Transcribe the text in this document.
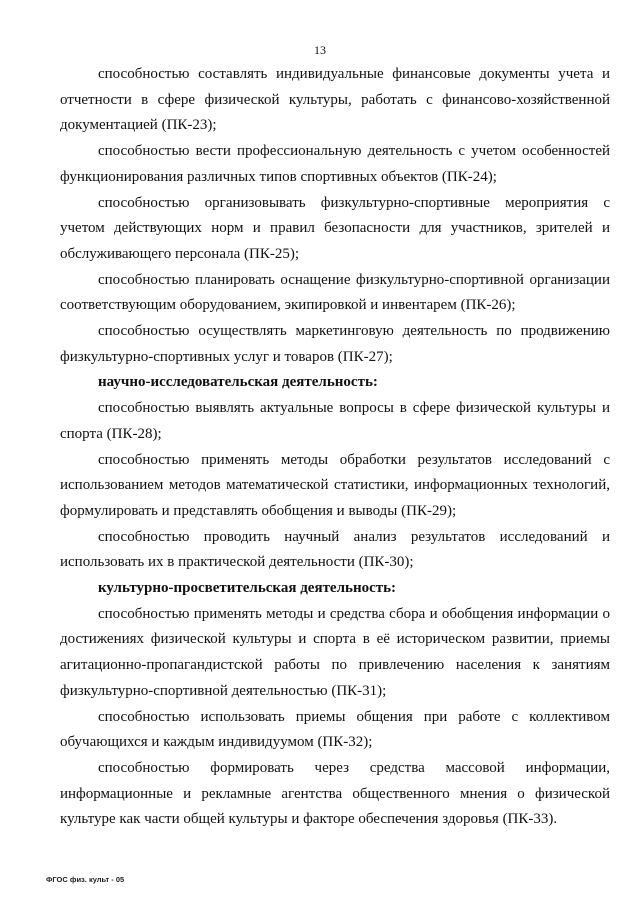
13

способностью составлять индивидуальные финансовые документы учета и отчетности в сфере физической культуры, работать с финансово-хозяйственной документацией (ПК-23);

способностью вести профессиональную деятельность с учетом особенностей функционирования различных типов спортивных объектов (ПК-24);

способностью организовывать физкультурно-спортивные мероприятия с учетом действующих норм и правил безопасности для участников, зрителей и обслуживающего персонала (ПК-25);

способностью планировать оснащение физкультурно-спортивной организации соответствующим оборудованием, экипировкой и инвентарем (ПК-26);

способностью осуществлять маркетинговую деятельность по продвижению физкультурно-спортивных услуг и товаров (ПК-27);

научно-исследовательская деятельность:

способностью выявлять актуальные вопросы в сфере физической культуры и спорта (ПК-28);

способностью применять методы обработки результатов исследований с использованием методов математической статистики, информационных технологий, формулировать и представлять обобщения и выводы (ПК-29);

способностью проводить научный анализ результатов исследований и использовать их в практической деятельности (ПК-30);

культурно-просветительская деятельность:

способностью применять методы и средства сбора и обобщения информации о достижениях физической культуры и спорта в её историческом развитии, приемы агитационно-пропагандистской работы по привлечению населения к занятиям физкультурно-спортивной деятельностью (ПК-31);

способностью использовать приемы общения при работе с коллективом обучающихся и каждым индивидуумом (ПК-32);

способностью формировать через средства массовой информации, информационные и рекламные агентства общественного мнения о физической культуре как части общей культуры и факторе обеспечения здоровья (ПК-33).

ФГОС физ. культ - 05
